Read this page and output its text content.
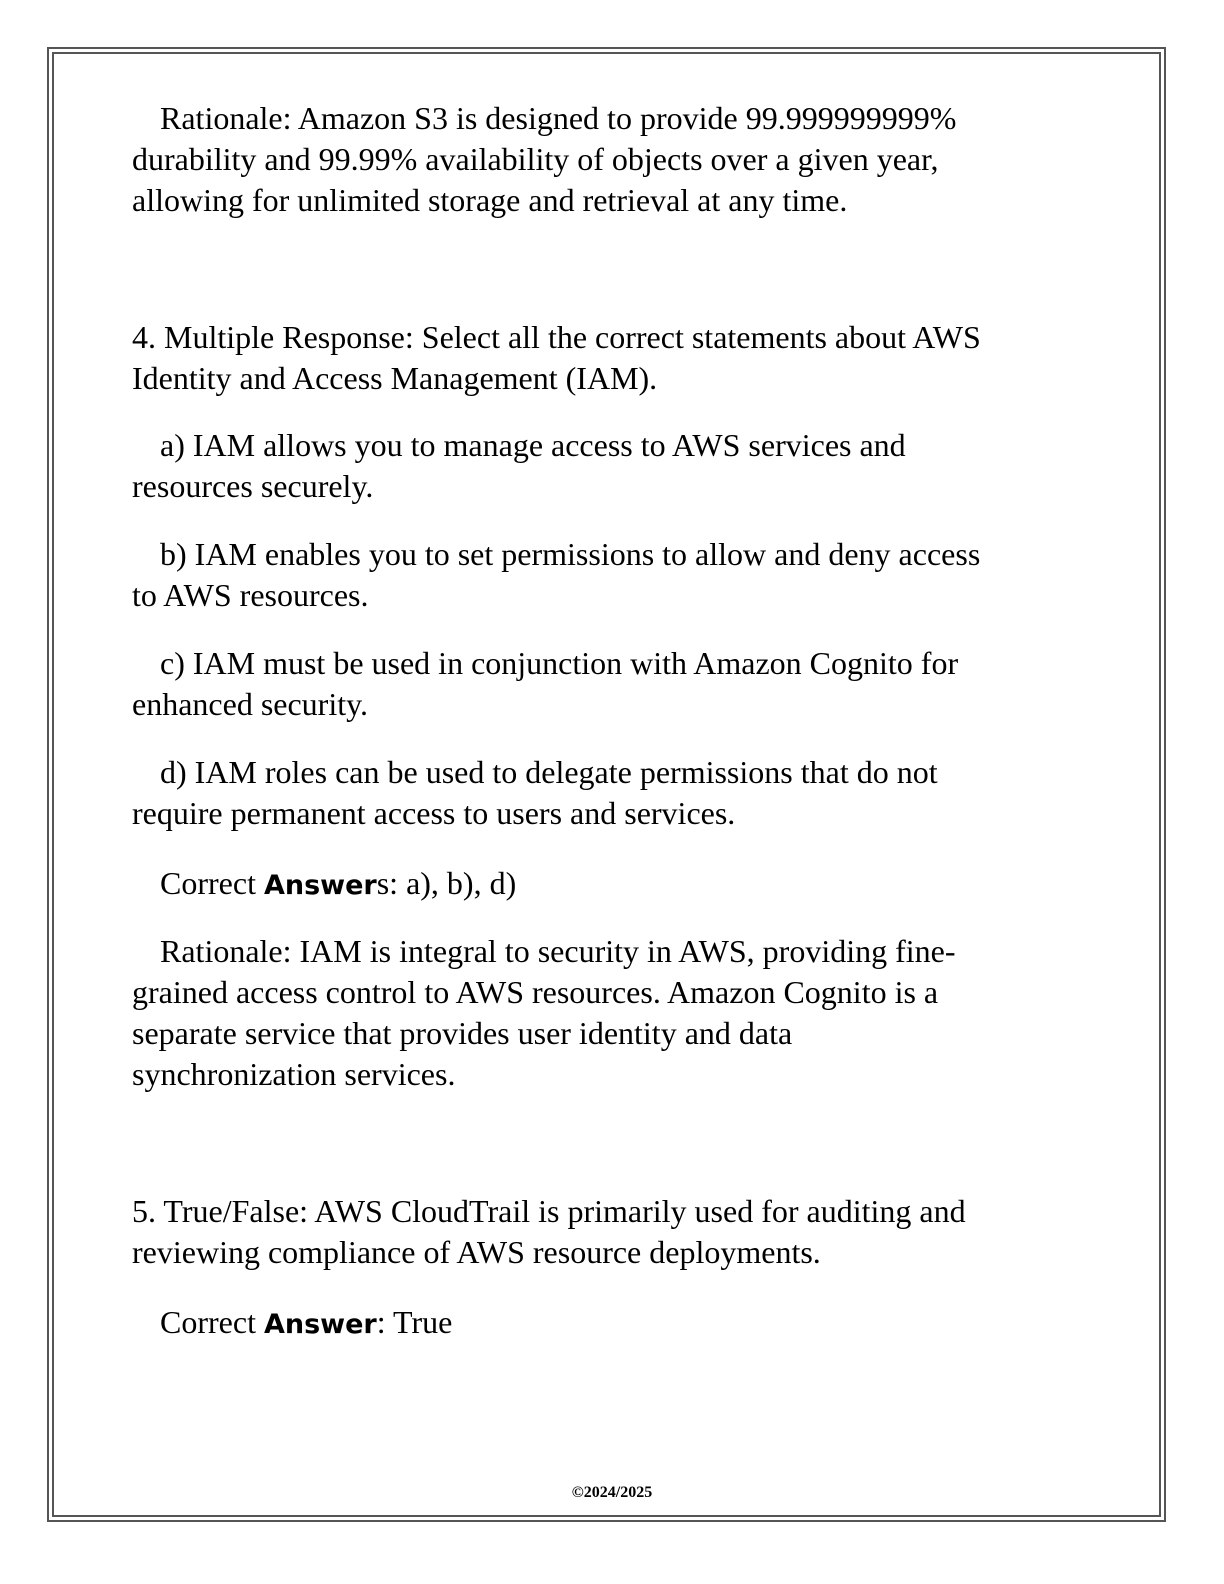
Rationale: Amazon S3 is designed to provide 99.999999999%
durability and 99.99% availability of objects over a given year,
allowing for unlimited storage and retrieval at any time.
4. Multiple Response: Select all the correct statements about AWS
Identity and Access Management (IAM).
a) IAM allows you to manage access to AWS services and
resources securely.
b) IAM enables you to set permissions to allow and deny access
to AWS resources.
c) IAM must be used in conjunction with Amazon Cognito for
enhanced security.
d) IAM roles can be used to delegate permissions that do not
require permanent access to users and services.
Correct Answers: a), b), d)
Rationale: IAM is integral to security in AWS, providing fine-
grained access control to AWS resources. Amazon Cognito is a
separate service that provides user identity and data
synchronization services.
5. True/False: AWS CloudTrail is primarily used for auditing and
reviewing compliance of AWS resource deployments.
Correct Answer: True
©2024/2025
